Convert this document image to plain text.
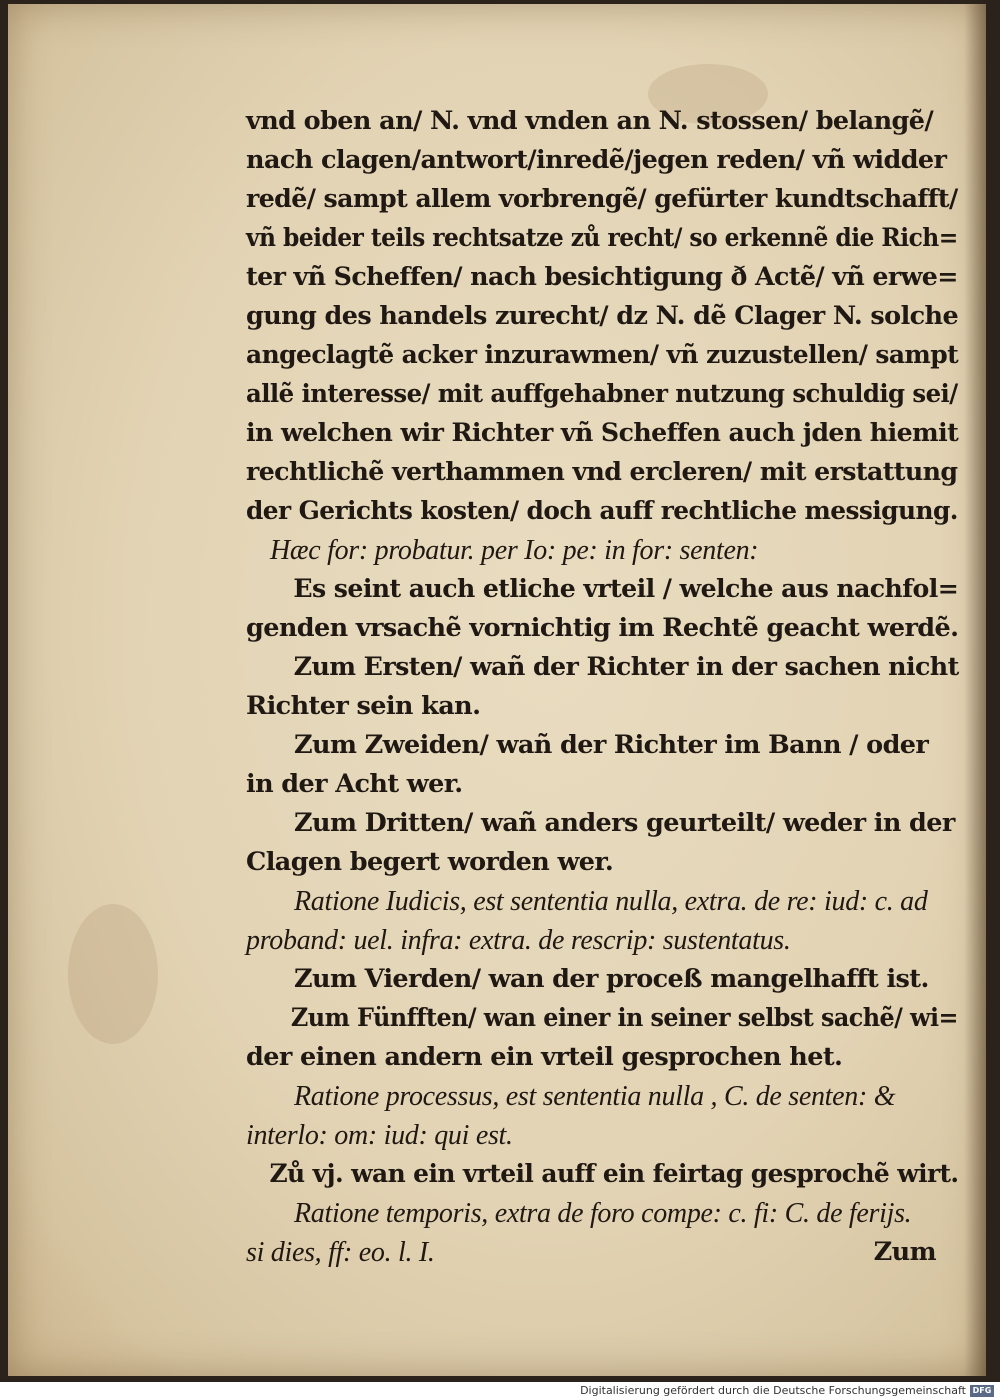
vnd oben an/ N. vnd vnden an N. stossen/ belangẽ/
nach clagen/antwort/inredẽ/jegen reden/ vñ widder
redẽ/ sampt allem vorbrengẽ/ gefürter kundtschafft/
vñ beider teils rechtsatze zů recht/ so erkennẽ die Rich=
ter vñ Scheffen/ nach besichtigung ð Actẽ/ vñ erwe=
gung des handels zurecht/ dz N. dẽ Clager N. solche
angeclagtẽ acker inzurawmen/ vñ zuzustellen/ sampt
allẽ interesse/ mit auffgehabner nutzung schuldig sei/
in welchen wir Richter vñ Scheffen auch jden hiemit
rechtlichẽ verthammen vnd ercleren/ mit erstattung
der Gerichts kosten/ doch auff rechtliche messigung.
Hæc for: probatur. per Io: pe: in for: senten:
Es seint auch etliche vrteil / welche aus nachfol=
genden vrsachẽ vornichtig im Rechtẽ geacht werdẽ.
Zum Ersten/ wañ der Richter in der sachen nicht
Richter sein kan.
Zum Zweiden/ wañ der Richter im Bann / oder
in der Acht wer.
Zum Dritten/ wañ anders geurteilt/ weder in der
Clagen begert worden wer.
Ratione Iudicis, est sententia nulla, extra. de re: iud: c. ad
proband: uel. infra: extra. de rescrip: sustentatus.
Zum Vierden/ wan der proceß mangelhafft ist.
Zum Fünfften/ wan einer in seiner selbst sachẽ/ wi=
der einen andern ein vrteil gesprochen het.
Ratione processus, est sententia nulla , C. de senten: &
interlo: om: iud: qui est.
Zů vj. wan ein vrteil auff ein feirtag gesprochẽ wirt.
Ratione temporis, extra de foro compe: c. fi: C. de ferijs.
si dies, ff: eo. l. I.	Zum
Digitalisierung gefördert durch die Deutsche Forschungsgemeinschaft DFG
